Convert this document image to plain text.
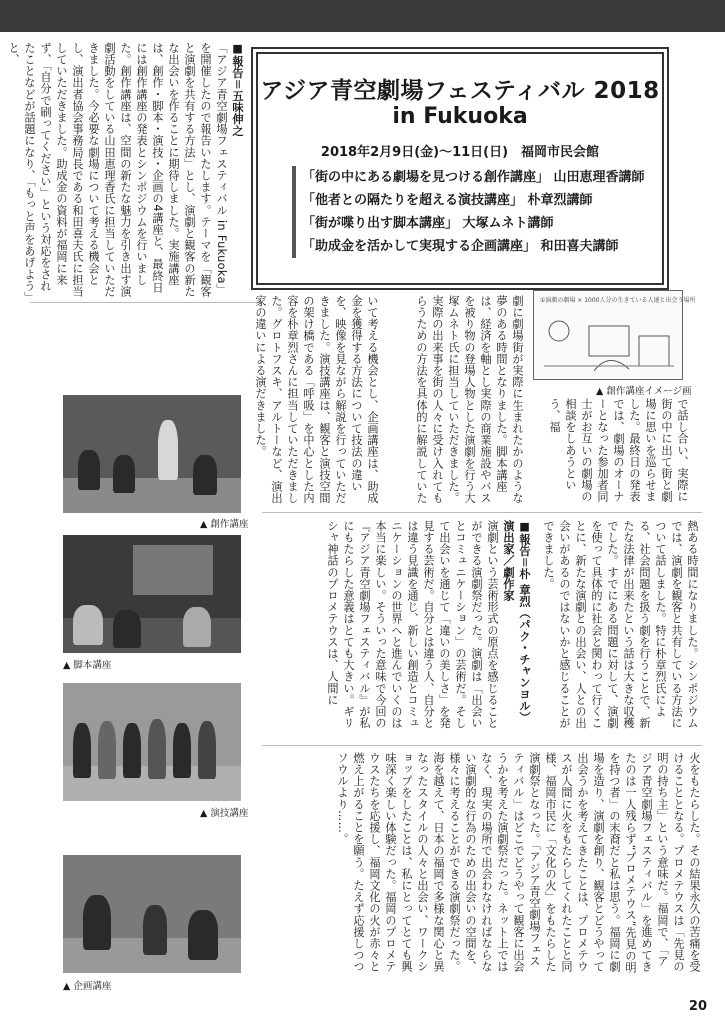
■報告＝五味伸之

「アジア青空劇場フェスティバル in Fukuoka」を開催したので報告いたします。テーマを「観客と演劇を共有する方法」とし、演劇と観客の新たな出会いを作ることに期待しました。実施講座は、創作・脚本・演技・企画の4講座と、最終日には創作講座の発表とシンポジウムを行いました。創作講座は、空間の新たな魅力を引き出す演劇活動をしている山田恵理香氏に担当していただきました。今必要な劇場について考える機会とし、演出者協会事務局長である和田喜夫氏に担当していただきました。助成金の資料が福岡に来ず、「自分で刷ってください」という対応をされたことなどが話題になり、「もっと声をあげよう」と、

アジア青空劇場フェスティバル 2018
in Fukuoka
2018年2月9日(金)〜11日(日)　福岡市民会館
「街の中にある劇場を見つける創作講座」 山田恵理香講師
「他者との隔たりを超える演技講座」 朴章烈講師
「街が喋り出す脚本講座」 大塚ムネト講師
「助成金を活かして実現する企画講座」 和田喜夫講師

いて考える機会とし、企画講座は、助成金を獲得する方法について技法の違いを、映像を見ながら解説を行っていただきました。演技講座は、観客と演技空間の架け橋である「呼吸」を中心とした内容を朴章烈さんに担当していただきました。グロトフスキ、アルトーなど、演出家の違いによる演だきました。	劇に劇場街が実際に生まれたかのような夢のある時間となりました。脚本講座は、経済を軸とし実際の商業施設やバスを被り物の登場人物とした演劇を行う大塚ムネト氏に担当していただきました。実際の出来事を街の人々に受け入れてもらうための方法を具体的に解説していた	①演劇の劇場 × 1000人分の生きている人達と出会う場所
▲ 創作講座イメージ画

で話し合い、実際に街の中に出て街と劇場に思いを巡らせました。最終日の発表では、劇場のオーナーとなった参加者同士がお互いの劇場の相談をしあうという、福

熱ある時間になりました。シンポジウムでは、演劇を観客と共有している方法について話しました。特に朴章烈氏による、社会問題を扱う劇を行うことで、新たな法律が出来たという話は大きな収穫でした。すでにある問題に対して、演劇を使って具体的に社会と関わって行くことに、新たな演劇との出会い、人との出会いがあるのではないかと感じることができました。

■報告＝朴 章烈（パク・チャンヨル）

演出家／劇作家

演劇という芸術形式の原点を感じることができる演劇祭だった。演劇は「出会いとコミュニケーション」の芸術だ。そして出会いを通じて「違いの美しさ」を発見する芸術だ。自分とは違う人、自分とは違う見識を通じ、新しい創造とコミュニケーションの世界へと進んでいくのは本当に楽しい。そういった意味で今回の『アジア青空劇場フェスティバル』が私にもたらした意義はとても大きい。ギリシャ神話のプロメテウスは、人間に

火をもたらした。その結果永久の苦痛を受けることとなる。プロメテウスは「先見の明の持ち主」という意味だ。福岡で、「アジア青空劇場フェスティバル」を進めてきたのは一人残らず“プロメテウス”先見の明を持つ者」の末裔だと私は思う。福岡に劇場を造り、演劇を創り、観客とどうやって出会うかを考えてきたことは、プロメテウスが人間に火をもたらしてくれたことと同様、福岡市民に「文化の火」をもたらした演劇祭となった。「アジア青空劇場フェスティバル」はどこでどうやって観客に出会うかを考えた演劇祭だった。ネット上ではなく、現実の場所で出会わなければならない演劇的な行為のための出会いの空間を、様々に考えることができる演劇祭だった。海を越えて、日本の福岡で多様な関心と異なったスタイルの人々と出会い、ワークショップをしたことは、私にとってとても興味深く楽しい体験だった。福岡のプロメテウスたちを応援し、福岡文化の火が赤々と燃え上がることを願う。たえず応援しつつソウルより……。

▲ 創作講座
▲ 脚本講座
▲ 演技講座
▲ 企画講座
20
